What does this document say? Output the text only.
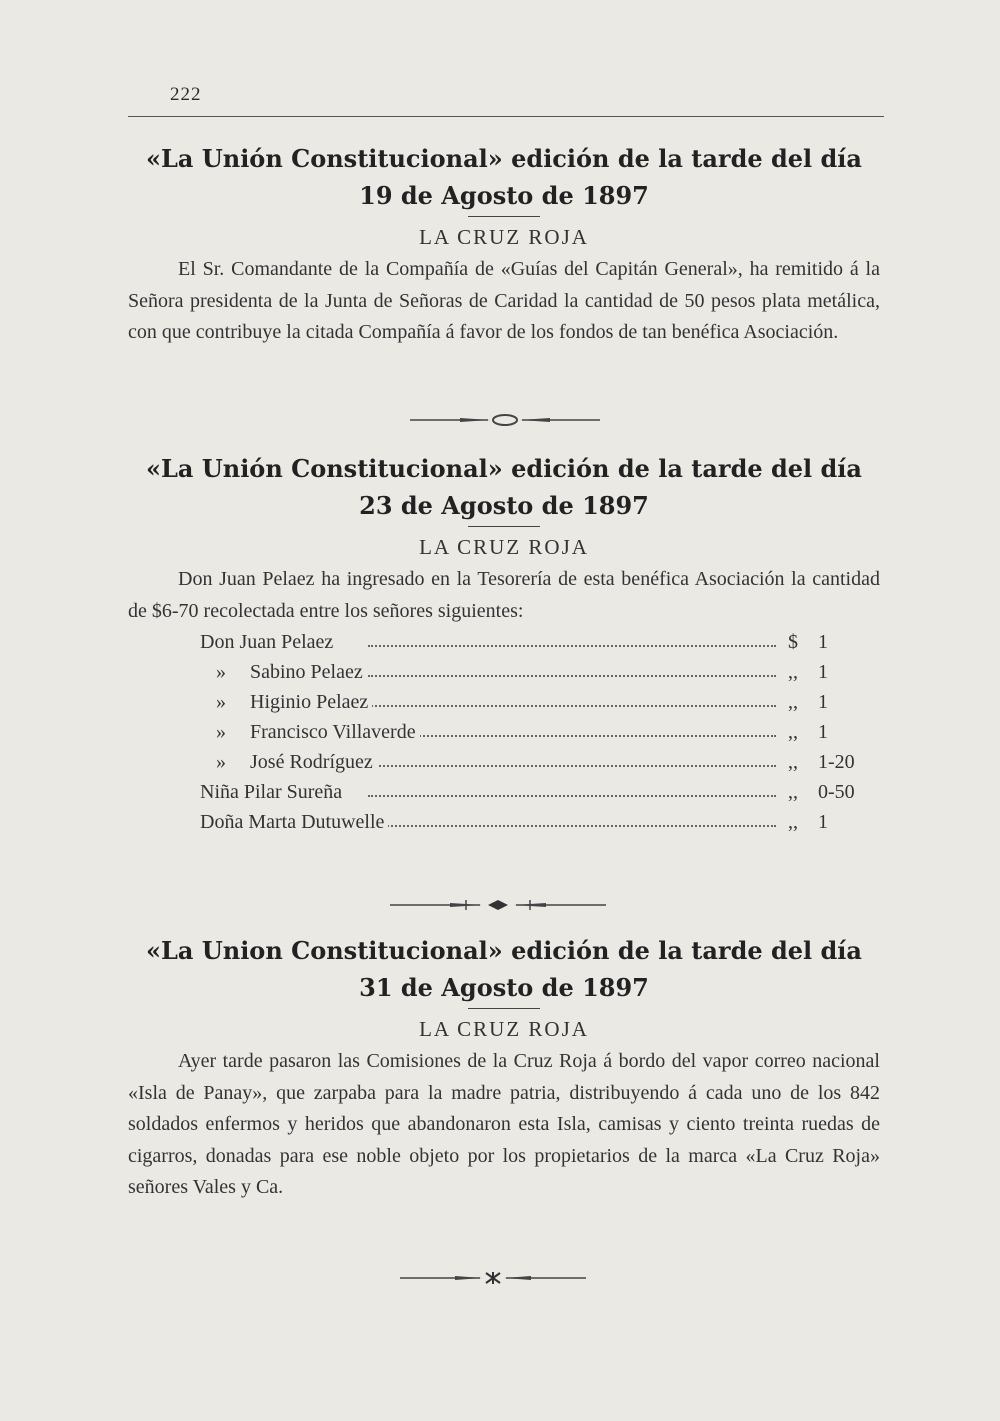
222
«La Unión Constitucional» edición de la tarde del día
19 de Agosto de 1897
LA CRUZ ROJA

El Sr. Comandante de la Compañía de «Guías del Capitán General», ha remitido á la Señora presidenta de la Junta de Señoras de Caridad la cantidad de 50 pesos plata metálica, con que contribuye la citada Compañía á favor de los fondos de tan benéfica Asociación.

«La Unión Constitucional» edición de la tarde del día
23 de Agosto de 1897
LA CRUZ ROJA

Don Juan Pelaez ha ingresado en la Tesorería de esta benéfica Asociación la cantidad de $6-70 recolectada entre los señores siguientes:

Don Juan Pelaez	$	1
» Sabino Pelaez	,,	1
» Higinio Pelaez	,,	1
» Francisco Villaverde	,,	1
» José Rodríguez	,,	1-20
Niña Pilar Sureña	,,	0-50
Doña Marta Dutuwelle	,,	1
«La Union Constitucional» edición de la tarde del día
31 de Agosto de 1897
LA CRUZ ROJA

Ayer tarde pasaron las Comisiones de la Cruz Roja á bordo del vapor correo nacional «Isla de Panay», que zarpaba para la madre patria, distribuyendo á cada uno de los 842 soldados enfermos y heridos que abandonaron esta Isla, camisas y ciento treinta ruedas de cigarros, donadas para ese noble objeto por los propietarios de la marca «La Cruz Roja» señores Vales y Ca.
